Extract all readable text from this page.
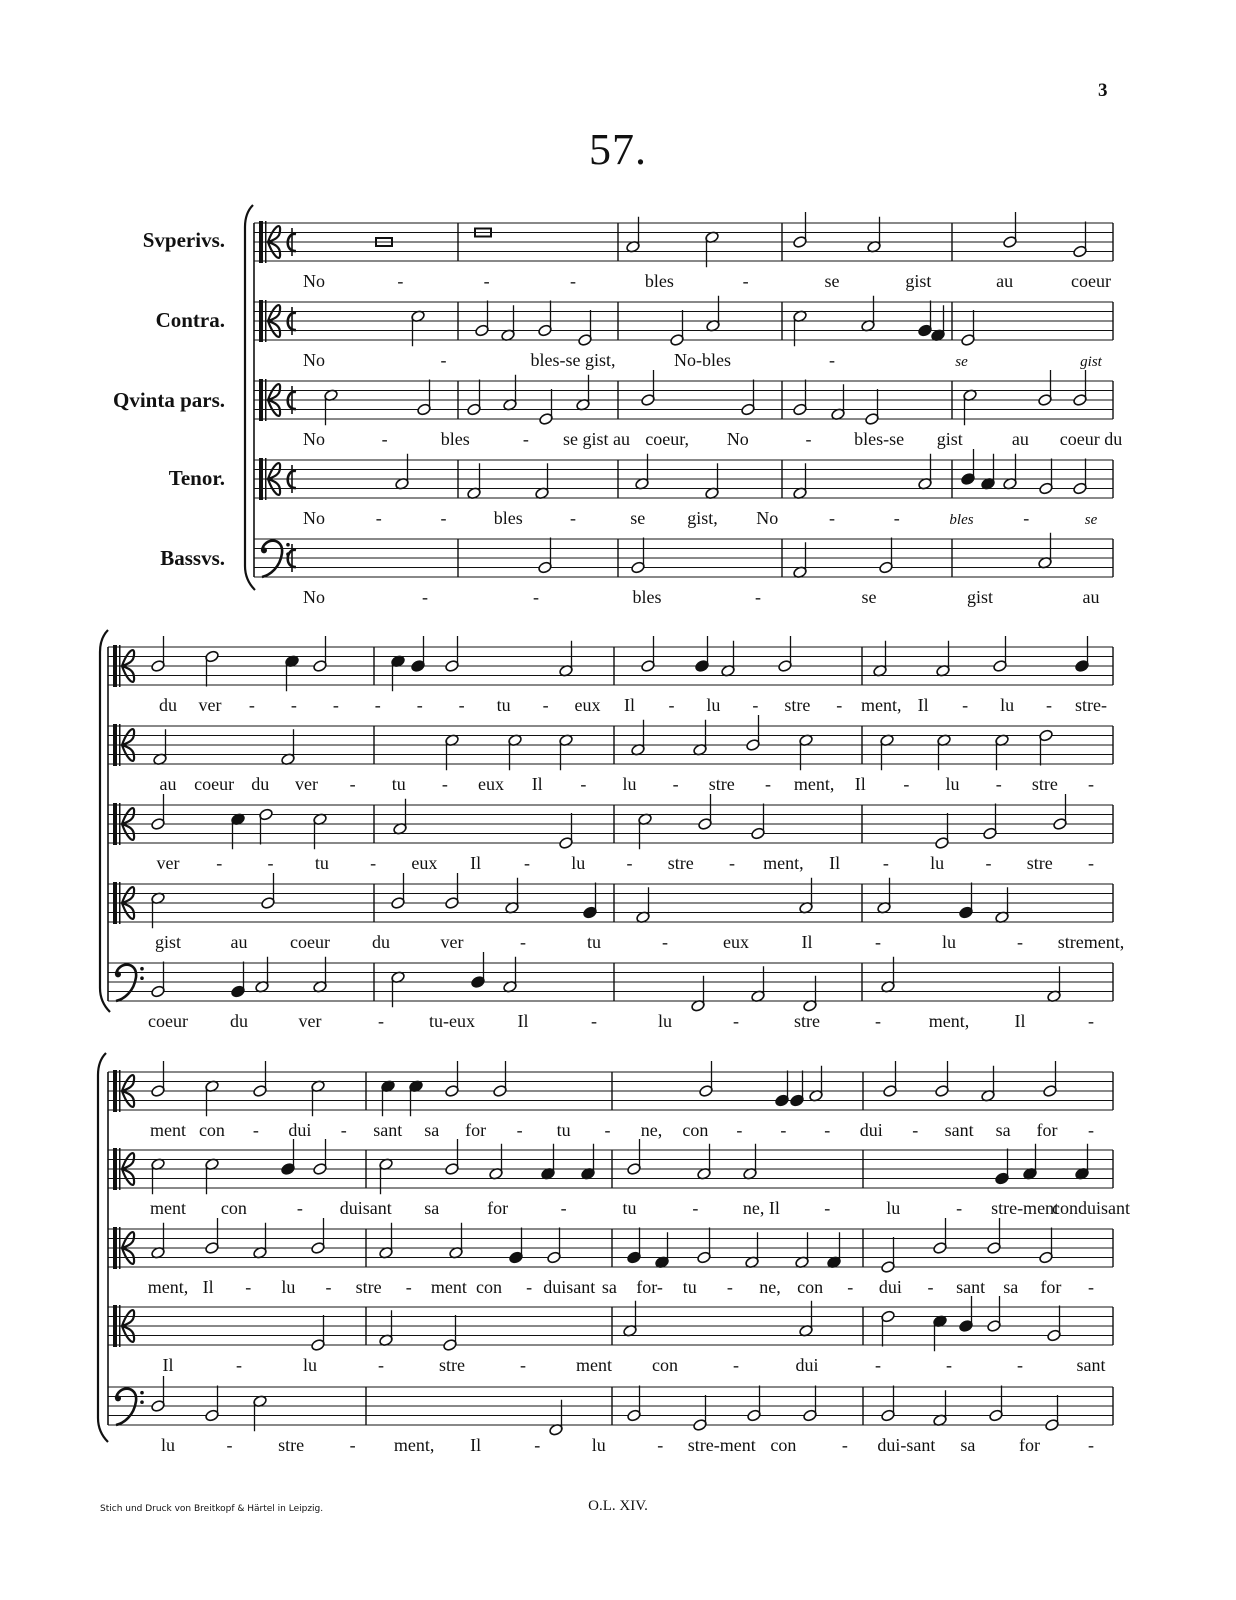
No	-	-	-	bles	-	se	gist	au	coeur
No	-	bles-se gist,	No-bles	-	se	gist
No	-	bles	- se gist au coeur, No	- bles-se gist	au coeur du
No	-	-	bles	-	se gist, No	-	-	bles	-	se
No	-	-	bles	-	se	gist	au
du ver - - - - - - tu - eux Il - lu - stre - ment, Il - lu - stre-
au coeur du ver - tu - eux Il - lu - stre - ment, Il - lu - stre -
ver -	- tu - eux Il - lu - stre - ment, Il - lu - stre -
gist	au coeur du	ver	-	tu	-	eux	Il	-	lu	- strement,
coeur du	ver	-	tu-eux Il	-	lu	-	stre	-	ment,	Il	-
ment con - dui - sant sa for - tu - ne, con - - - dui - sant sa for -
ment con	- duisant sa	for	-	tu	- ne, Il -	lu	- stre-ment
conduisant
ment, Il - lu - stre - ment con - duisant sa for- tu - ne, con - dui - sant sa for -
Il	-	lu	-	stre	-	ment con	-	dui	-	-	-	sant
lu	-	stre	- ment, Il	-	lu	- stre-ment con	- dui-sant sa for	-
3
57.
Svperivs.
Contra.
Qvinta pars.
Tenor.
Bassvs.
Stich und Druck von Breitkopf & Härtel in Leipzig.	O.L. XIV.
